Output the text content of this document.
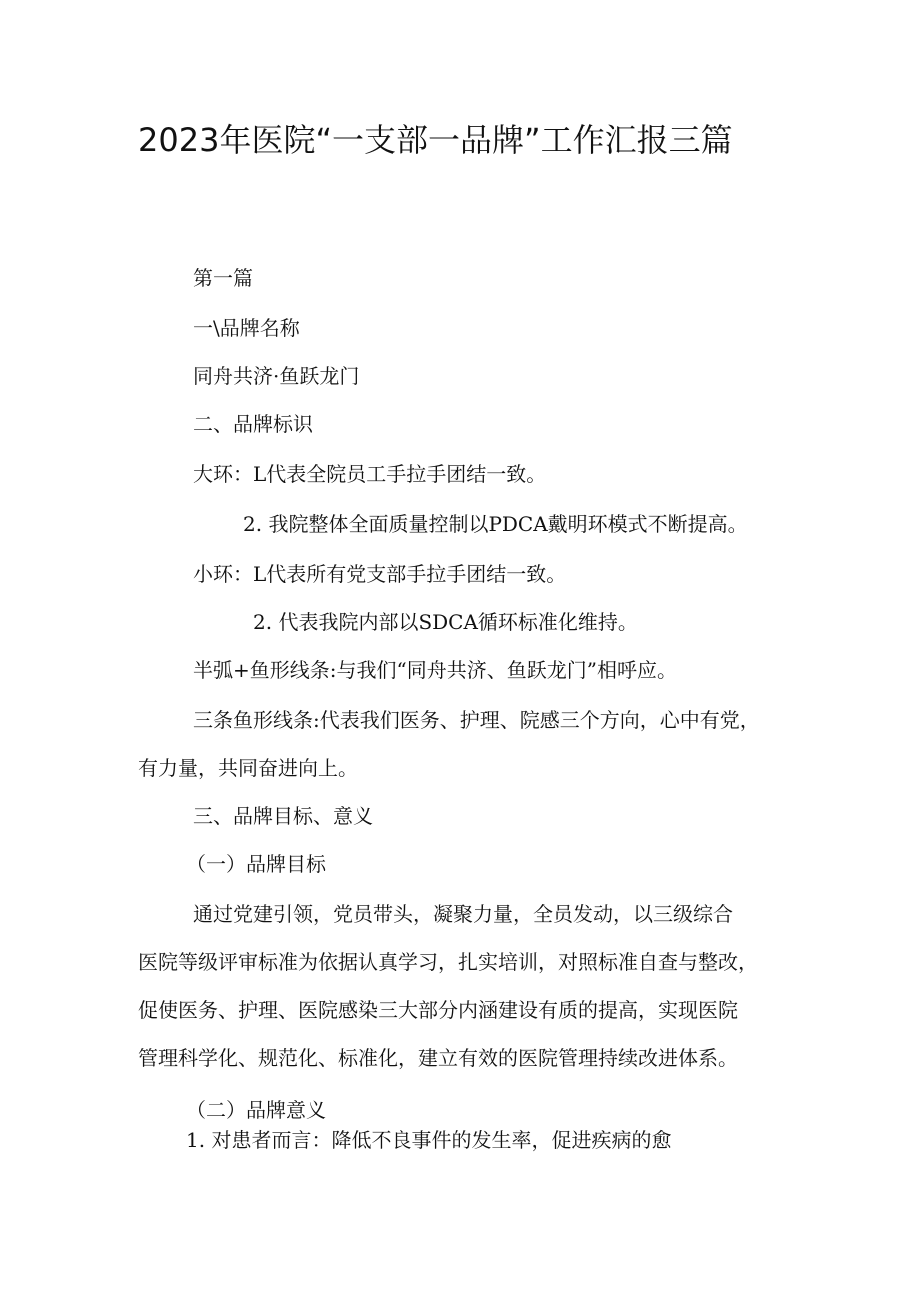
2023年医院“一支部一品牌”工作汇报三篇

第一篇

一\品牌名称

同舟共济·鱼跃龙门

二、品牌标识

大环：L代表全院员工手拉手团结一致。

2. 我院整体全面质量控制以PDCA戴明环模式不断提高。

小环：L代表所有党支部手拉手团结一致。

2. 代表我院内部以SDCA循环标准化维持。

半弧+鱼形线条:与我们“同舟共济、鱼跃龙门”相呼应。

三条鱼形线条:代表我们医务、护理、院感三个方向，心中有党，

有力量，共同奋进向上。

三、品牌目标、意义

（一）品牌目标

通过党建引领，党员带头，凝聚力量，全员发动，以三级综合

医院等级评审标准为依据认真学习，扎实培训，对照标准自查与整改，

促使医务、护理、医院感染三大部分内涵建设有质的提高，实现医院

管理科学化、规范化、标准化，建立有效的医院管理持续改进体系。

（二）品牌意义

1. 对患者而言：降低不良事件的发生率，促进疾病的愈
